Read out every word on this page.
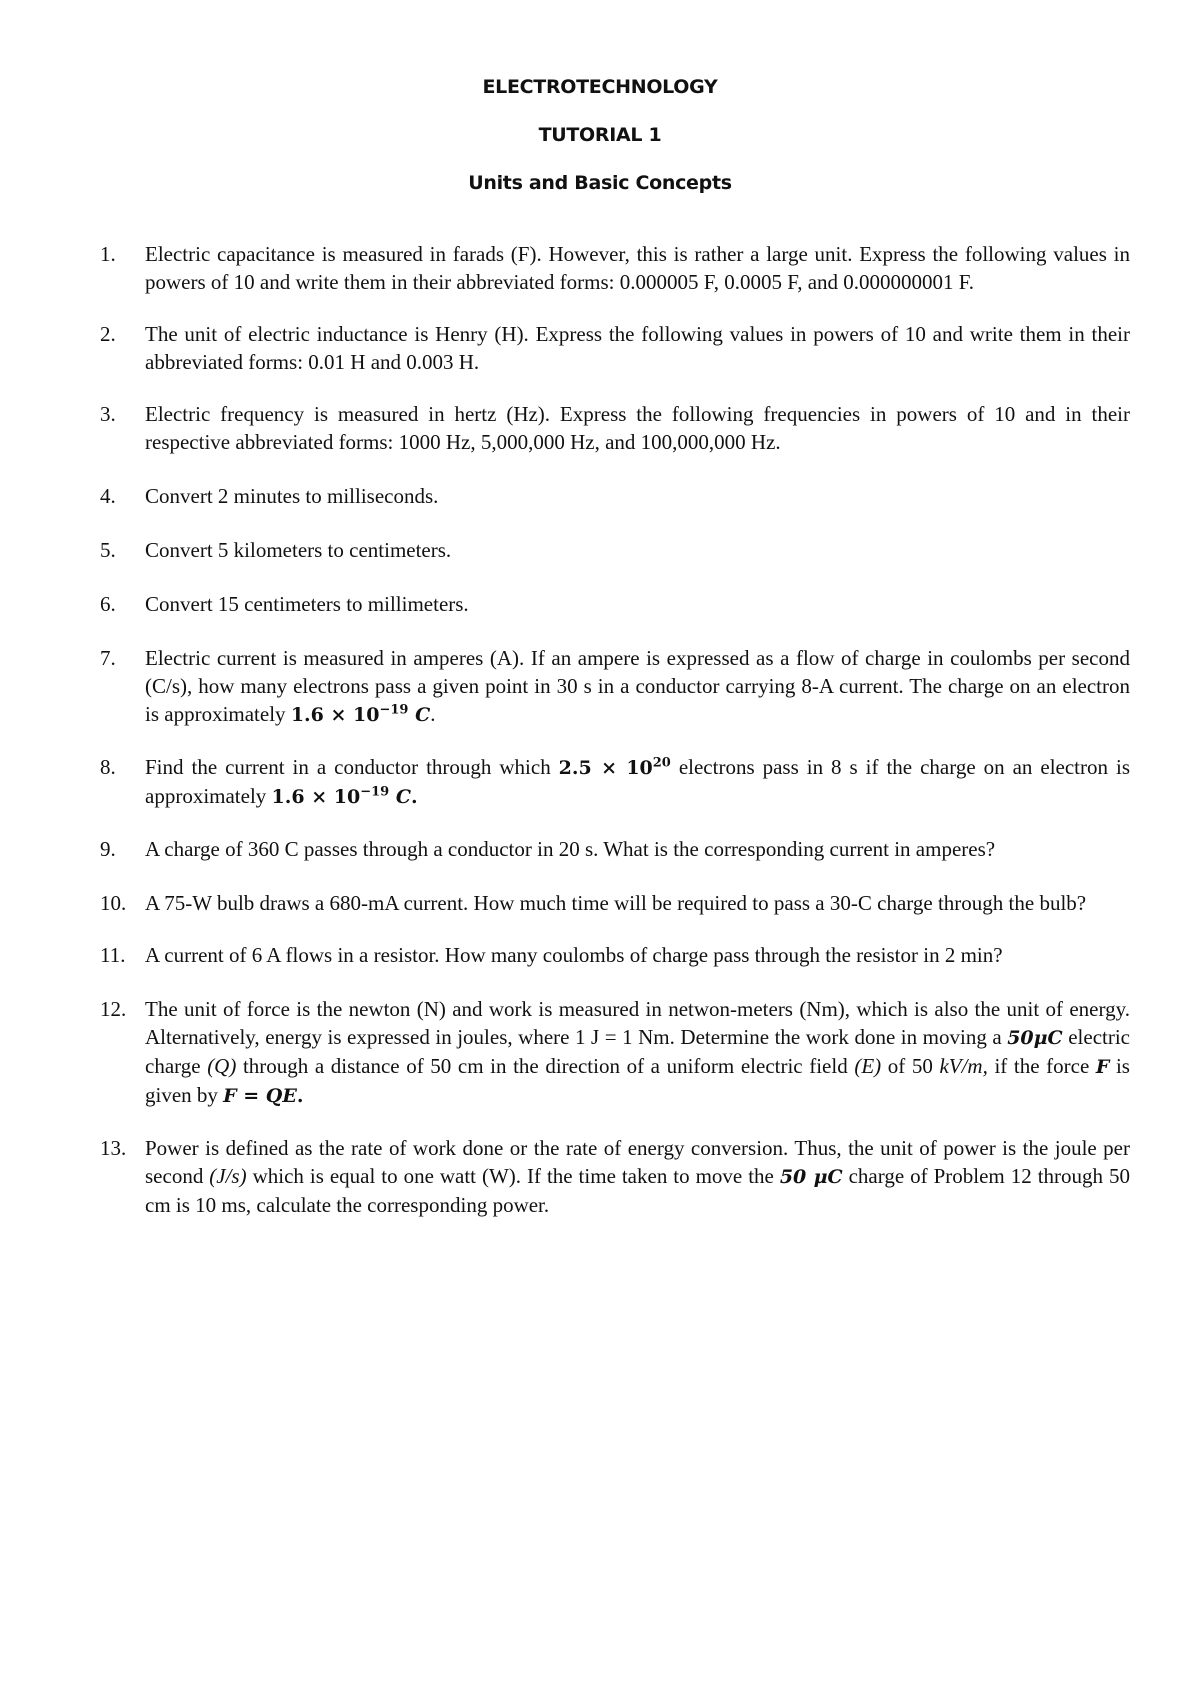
ELECTROTECHNOLOGY
TUTORIAL 1
Units and Basic Concepts
1.	Electric capacitance is measured in farads (F). However, this is rather a large unit. Express the following values in powers of 10 and write them in their abbreviated forms: 0.000005 F, 0.0005 F, and 0.000000001 F.
2.	The unit of electric inductance is Henry (H). Express the following values in powers of 10 and write them in their abbreviated forms: 0.01 H and 0.003 H.
3.	Electric frequency is measured in hertz (Hz). Express the following frequencies in powers of 10 and in their respective abbreviated forms: 1000 Hz, 5,000,000 Hz, and 100,000,000 Hz.
4.	Convert 2 minutes to milliseconds.
5.	Convert 5 kilometers to centimeters.
6.	Convert 15 centimeters to millimeters.
7.	Electric current is measured in amperes (A). If an ampere is expressed as a flow of charge in coulombs per second (C/s), how many electrons pass a given point in 30 s in a conductor carrying 8-A current. The charge on an electron is approximately $1.6 \times 10^{-19}$ C.
8.	Find the current in a conductor through which $2.5 \times 10^{20}$ electrons pass in 8 s if the charge on an electron is approximately $1.6 \times 10^{-19}$ C.
9.	A charge of 360 C passes through a conductor in 20 s. What is the corresponding current in amperes?
10. A 75-W bulb draws a 680-mA current. How much time will be required to pass a 30-C charge through the bulb?
11. A current of 6 A flows in a resistor. How many coulombs of charge pass through the resistor in 2 min?
12. The unit of force is the newton (N) and work is measured in netwon-meters (Nm), which is also the unit of energy. Alternatively, energy is expressed in joules, where 1 J = 1 Nm. Determine the work done in moving a 50μC electric charge (Q) through a distance of 50 cm in the direction of a uniform electric field (E) of 50 kV/m, if the force F is given by F = QE.
13. Power is defined as the rate of work done or the rate of energy conversion. Thus, the unit of power is the joule per second (J/s) which is equal to one watt (W). If the time taken to move the 50 μC charge of Problem 12 through 50 cm is 10 ms, calculate the corresponding power.
